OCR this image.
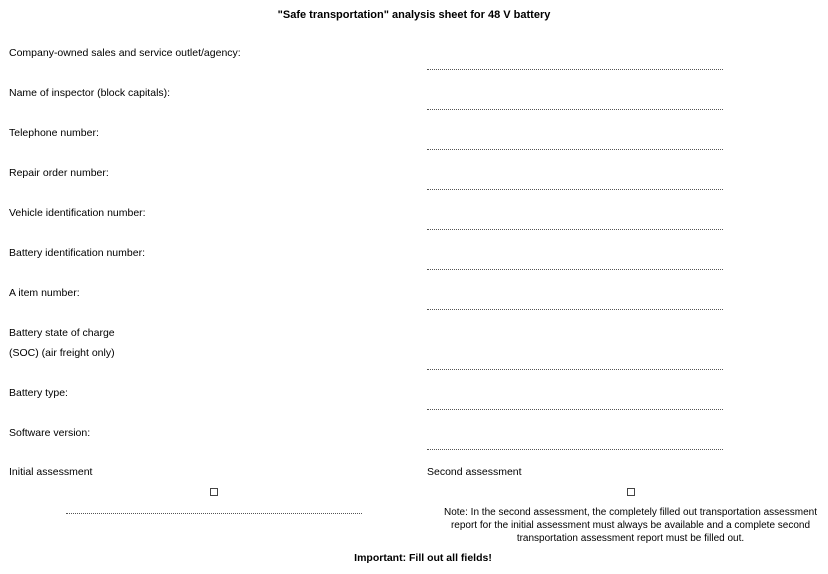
"Safe transportation" analysis sheet for 48 V battery
Company-owned sales and service outlet/agency:
Name of inspector (block capitals):
Telephone number:
Repair order number:
Vehicle identification number:
Battery identification number:
A item number:
Battery state of charge
(SOC) (air freight only)
Battery type:
Software version:
Initial assessment	Second assessment
Note: In the second assessment, the completely filled out transportation assessment report for the initial assessment must always be available and a complete second transportation assessment report must be filled out.
Important: Fill out all fields!
